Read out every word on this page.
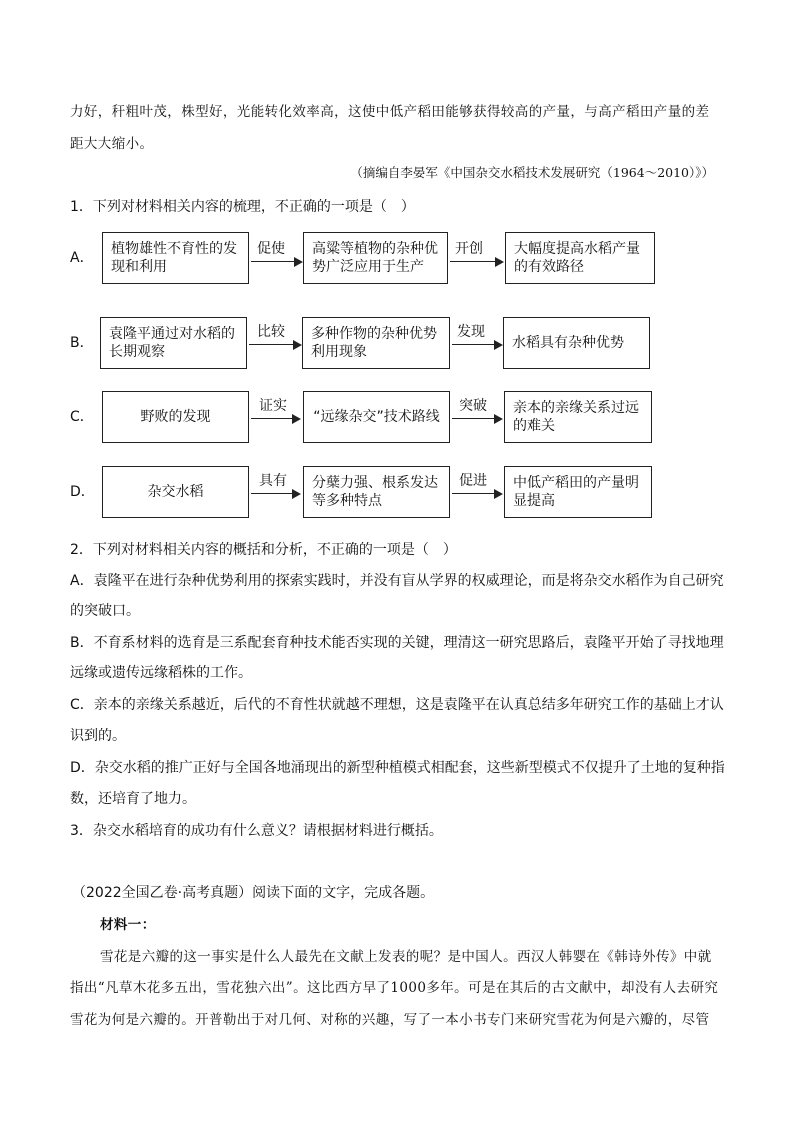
力好，秆粗叶茂，株型好，光能转化效率高，这使中低产稻田能够获得较高的产量，与高产稻田产量的差
距大大缩小。
（摘编自李晏军《中国杂交水稻技术发展研究（1964～2010）》）
1．下列对材料相关内容的梳理，不正确的一项是（　）
A．
植物雄性不育性的发现和利用
促使	高粱等植物的杂种优势广泛应用于生产
开创	大幅度提高水稻产量的有效路径
B．
袁隆平通过对水稻的长期观察
比较	多种作物的杂种优势利用现象
发现
水稻具有杂种优势
C．	野败的发现
证实
“远缘杂交”技术路线
突破	亲本的亲缘关系过远的难关
D．	杂交水稻
具有	分蘖力强、根系发达等多种特点
促进	中低产稻田的产量明显提高
2．下列对材料相关内容的概括和分析，不正确的一项是（　）
A．袁隆平在进行杂种优势利用的探索实践时，并没有盲从学界的权威理论，而是将杂交水稻作为自己研究
的突破口。
B．不育系材料的选育是三系配套育种技术能否实现的关键，理清这一研究思路后，袁隆平开始了寻找地理
远缘或遗传远缘稻株的工作。
C．亲本的亲缘关系越近，后代的不育性状就越不理想，这是袁隆平在认真总结多年研究工作的基础上才认
识到的。
D．杂交水稻的推广正好与全国各地涌现出的新型种植模式相配套，这些新型模式不仅提升了土地的复种指
数，还培育了地力。
3．杂交水稻培育的成功有什么意义？请根据材料进行概括。
（2022全国乙卷·高考真题）阅读下面的文字，完成各题。
材料一：
雪花是六瓣的这一事实是什么人最先在文献上发表的呢？是中国人。西汉人韩婴在《韩诗外传》中就
指出“凡草木花多五出，雪花独六出”。这比西方早了1000多年。可是在其后的古文献中，却没有人去研究
雪花为何是六瓣的。开普勒出于对几何、对称的兴趣，写了一本小书专门来研究雪花为何是六瓣的，尽管
